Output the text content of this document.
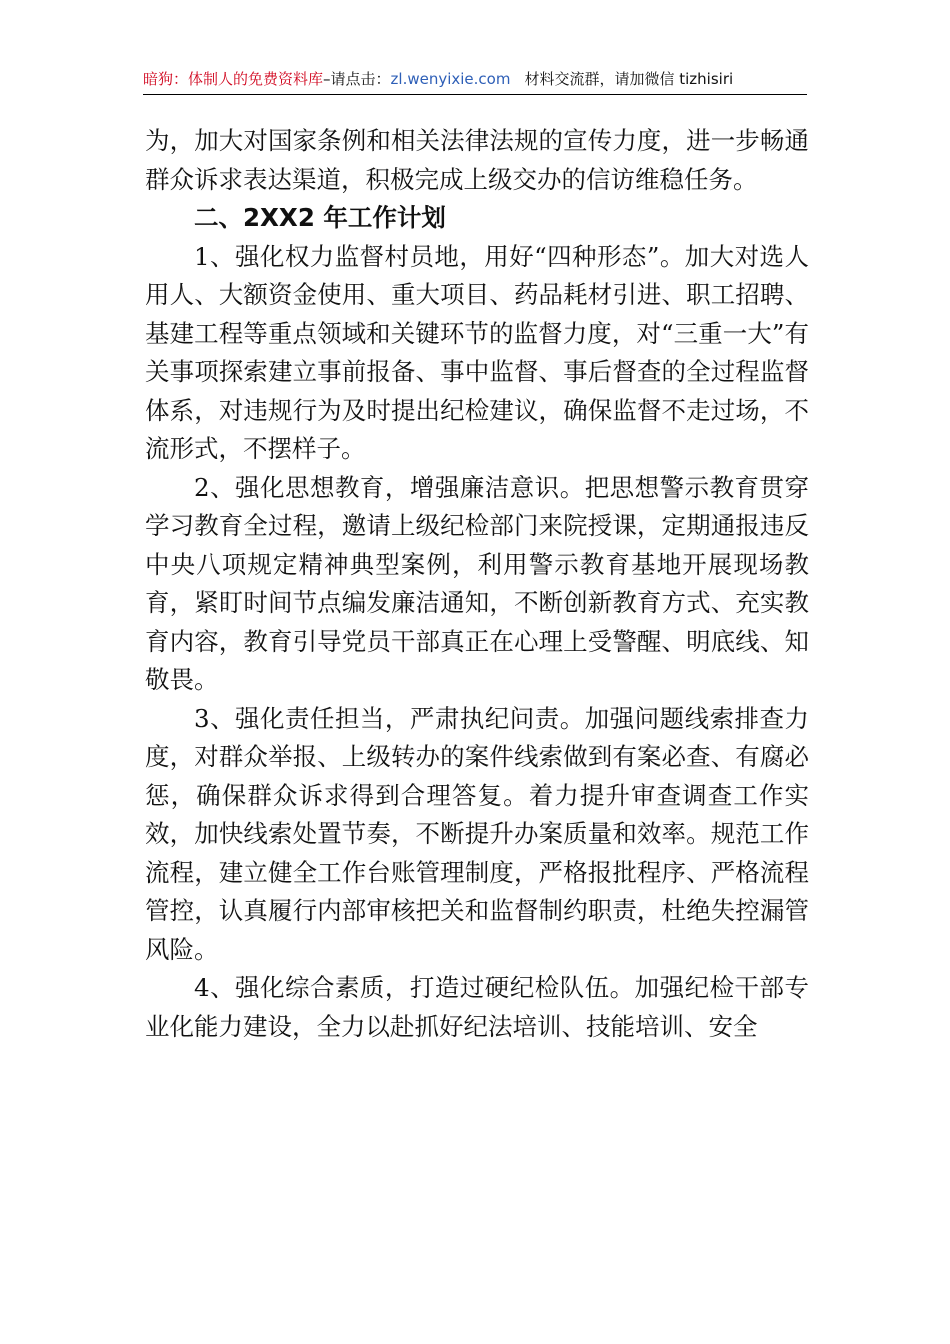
暗狗：体制人的免费资料库–请点击：zl.wenyixie.com 材料交流群，请加微信 tizhisiri

为，加大对国家条例和相关法律法规的宣传力度，进一步畅通群众诉求表达渠道，积极完成上级交办的信访维稳任务。

二、2XX2 年工作计划

1、强化权力监督村员地，用好“四种形态”。加大对选人用人、大额资金使用、重大项目、药品耗材引进、职工招聘、基建工程等重点领域和关键环节的监督力度，对“三重一大”有关事项探索建立事前报备、事中监督、事后督查的全过程监督体系，对违规行为及时提出纪检建议，确保监督不走过场，不流形式，不摆样子。

2、强化思想教育，增强廉洁意识。把思想警示教育贯穿学习教育全过程，邀请上级纪检部门来院授课，定期通报违反中央八项规定精神典型案例，利用警示教育基地开展现场教育，紧盯时间节点编发廉洁通知，不断创新教育方式、充实教育内容，教育引导党员干部真正在心理上受警醒、明底线、知敬畏。

3、强化责任担当，严肃执纪问责。加强问题线索排查力度，对群众举报、上级转办的案件线索做到有案必查、有腐必惩，确保群众诉求得到合理答复。着力提升审查调查工作实效，加快线索处置节奏，不断提升办案质量和效率。规范工作流程，建立健全工作台账管理制度，严格报批程序、严格流程管控，认真履行内部审核把关和监督制约职责，杜绝失控漏管风险。

4、强化综合素质，打造过硬纪检队伍。加强纪检干部专业化能力建设，全力以赴抓好纪法培训、技能培训、安全
